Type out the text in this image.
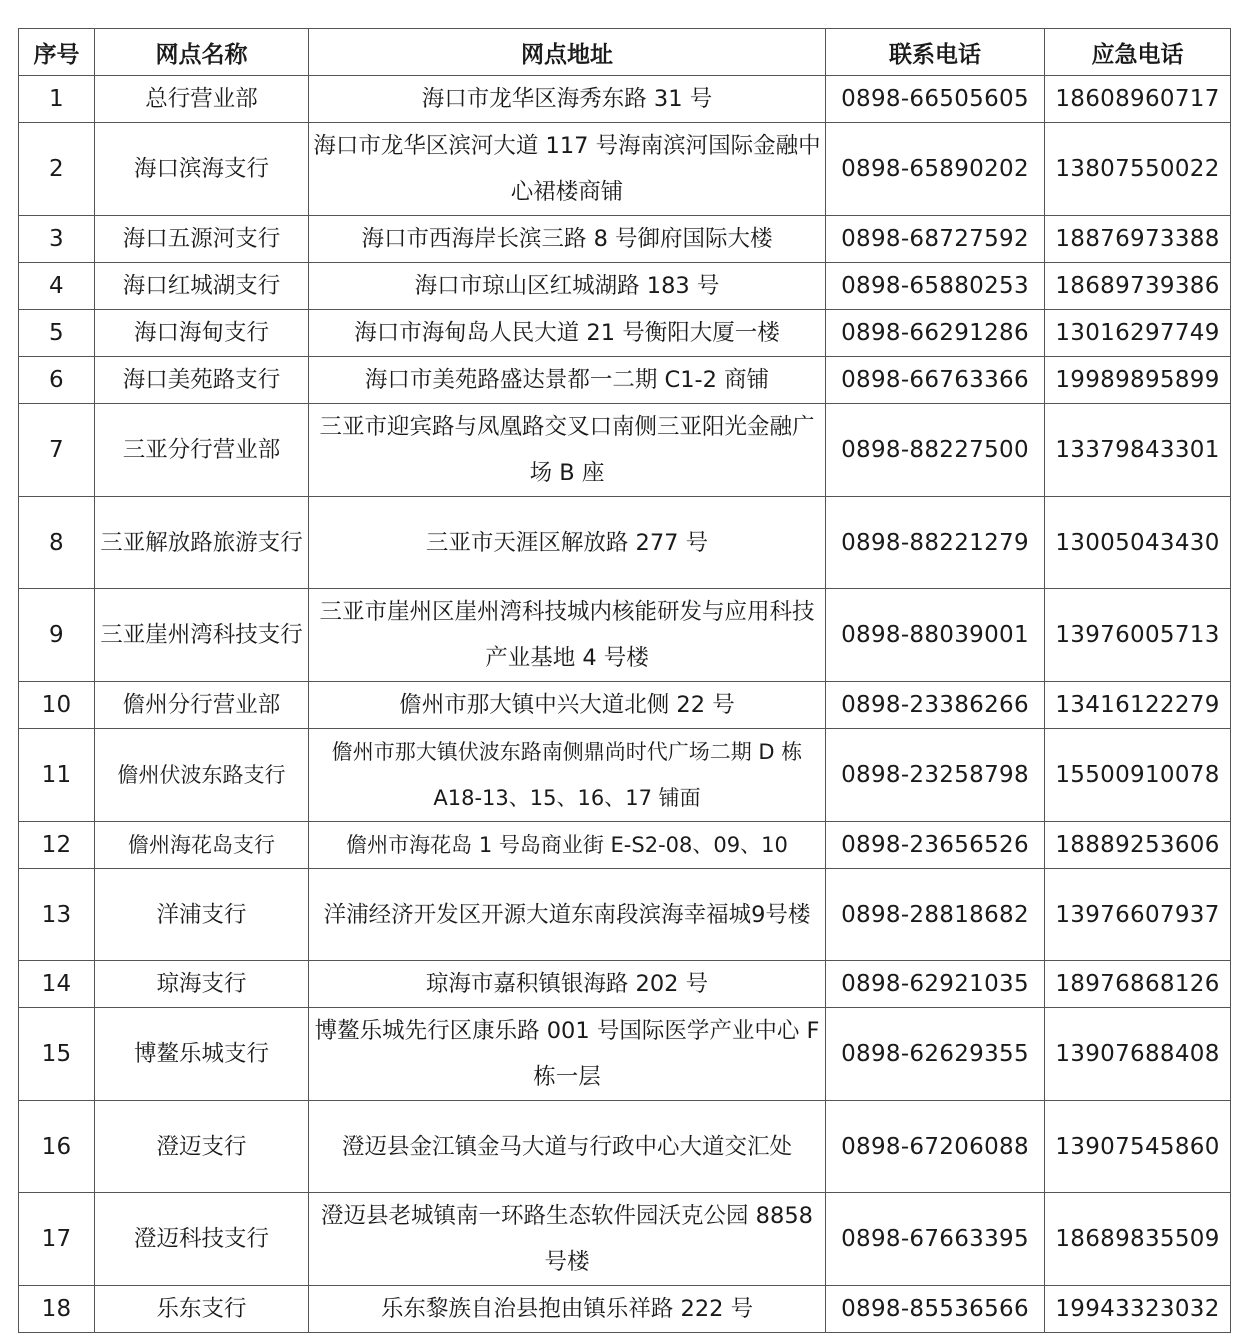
序号	网点名称	网点地址	联系电话	应急电话
1	总行营业部	海口市龙华区海秀东路 31 号	0898-66505605	18608960717
2	海口滨海支行	海口市龙华区滨河大道 117 号海南滨河国际金融中心裙楼商铺	0898-65890202	13807550022
3	海口五源河支行	海口市西海岸长滨三路 8 号御府国际大楼	0898-68727592	18876973388
4	海口红城湖支行	海口市琼山区红城湖路 183 号	0898-65880253	18689739386
5	海口海甸支行	海口市海甸岛人民大道 21 号衡阳大厦一楼	0898-66291286	13016297749
6	海口美苑路支行	海口市美苑路盛达景都一二期 C1-2 商铺	0898-66763366	19989895899
7	三亚分行营业部	三亚市迎宾路与凤凰路交叉口南侧三亚阳光金融广场 B 座	0898-88227500	13379843301
8	三亚解放路旅游支行	三亚市天涯区解放路 277 号	0898-88221279	13005043430
9	三亚崖州湾科技支行	三亚市崖州区崖州湾科技城内核能研发与应用科技产业基地 4 号楼	0898-88039001	13976005713
10	儋州分行营业部	儋州市那大镇中兴大道北侧 22 号	0898-23386266	13416122279
11	儋州伏波东路支行	儋州市那大镇伏波东路南侧鼎尚时代广场二期 D 栋 A18-13、15、16、17 铺面	0898-23258798	15500910078
12	儋州海花岛支行	儋州市海花岛 1 号岛商业街 E-S2-08、09、10	0898-23656526	18889253606
13	洋浦支行	洋浦经济开发区开源大道东南段滨海幸福城9号楼	0898-28818682	13976607937
14	琼海支行	琼海市嘉积镇银海路 202 号	0898-62921035	18976868126
15	博鳌乐城支行	博鳌乐城先行区康乐路 001 号国际医学产业中心 F 栋一层	0898-62629355	13907688408
16	澄迈支行	澄迈县金江镇金马大道与行政中心大道交汇处	0898-67206088	13907545860
17	澄迈科技支行	澄迈县老城镇南一环路生态软件园沃克公园 8858 号楼	0898-67663395	18689835509
18	乐东支行	乐东黎族自治县抱由镇乐祥路 222 号	0898-85536566	19943323032
